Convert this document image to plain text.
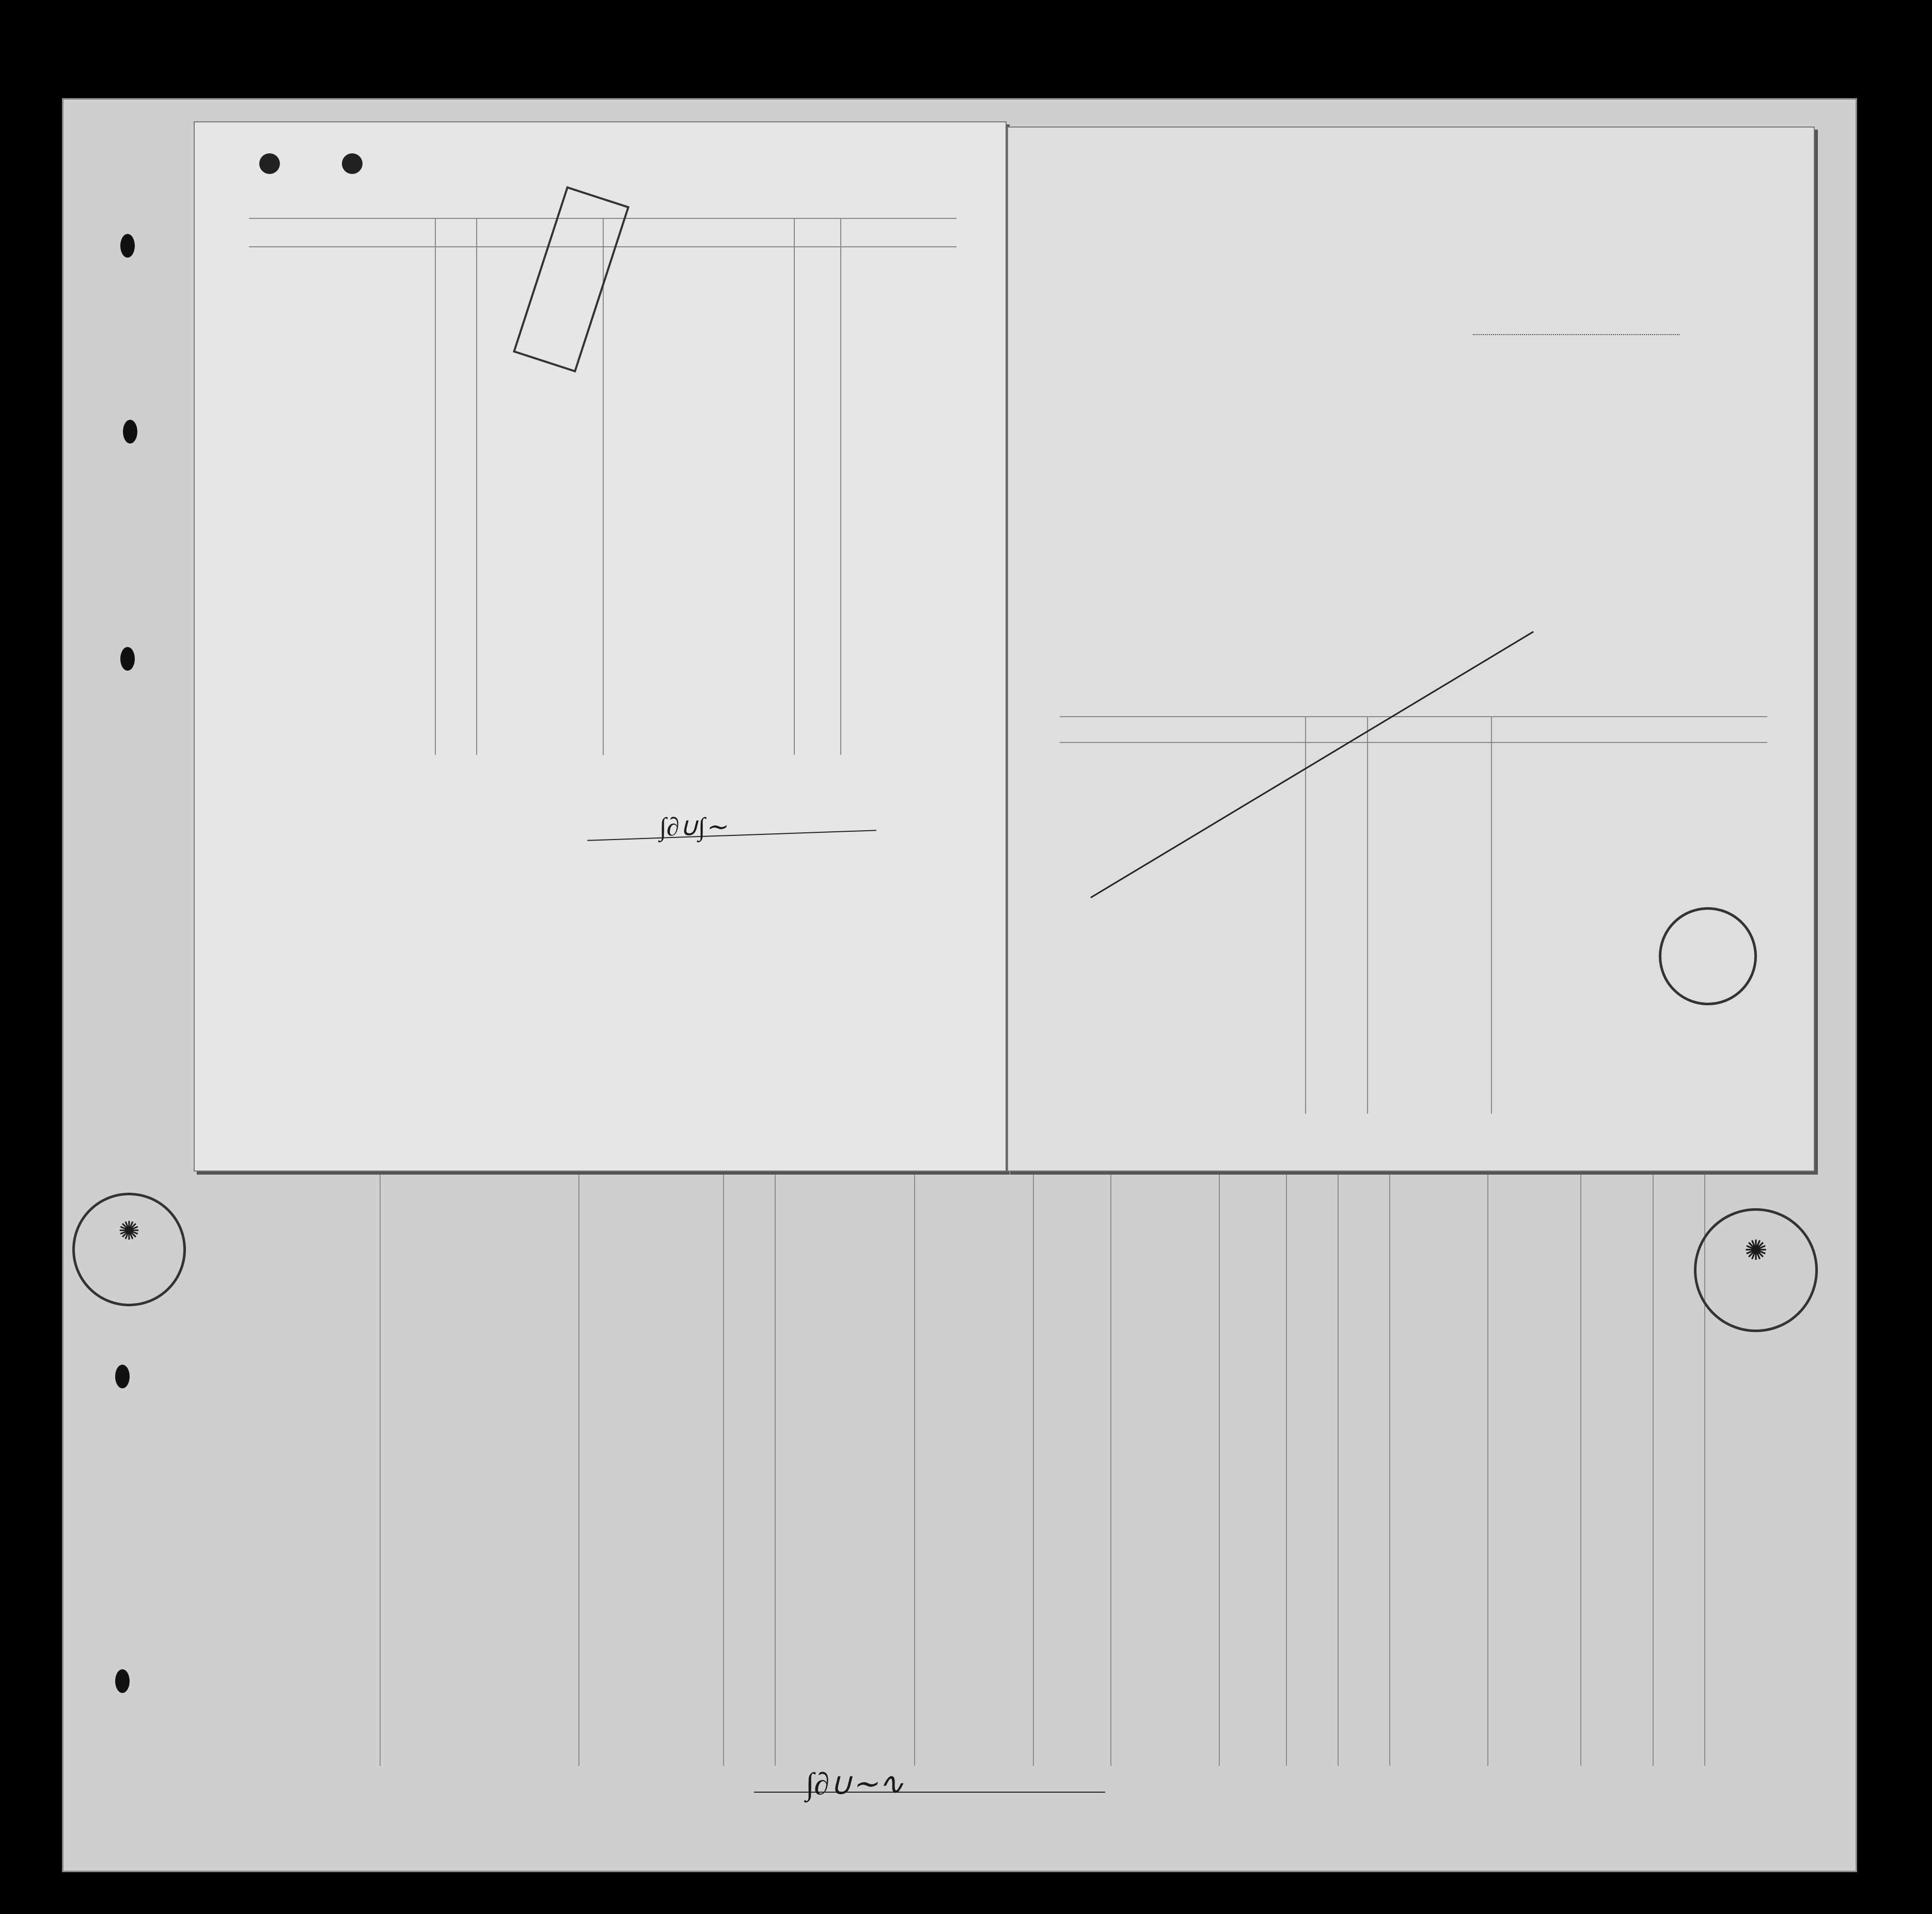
✺
✺
∫∂∪∫∼
∫∂∪∼∿
